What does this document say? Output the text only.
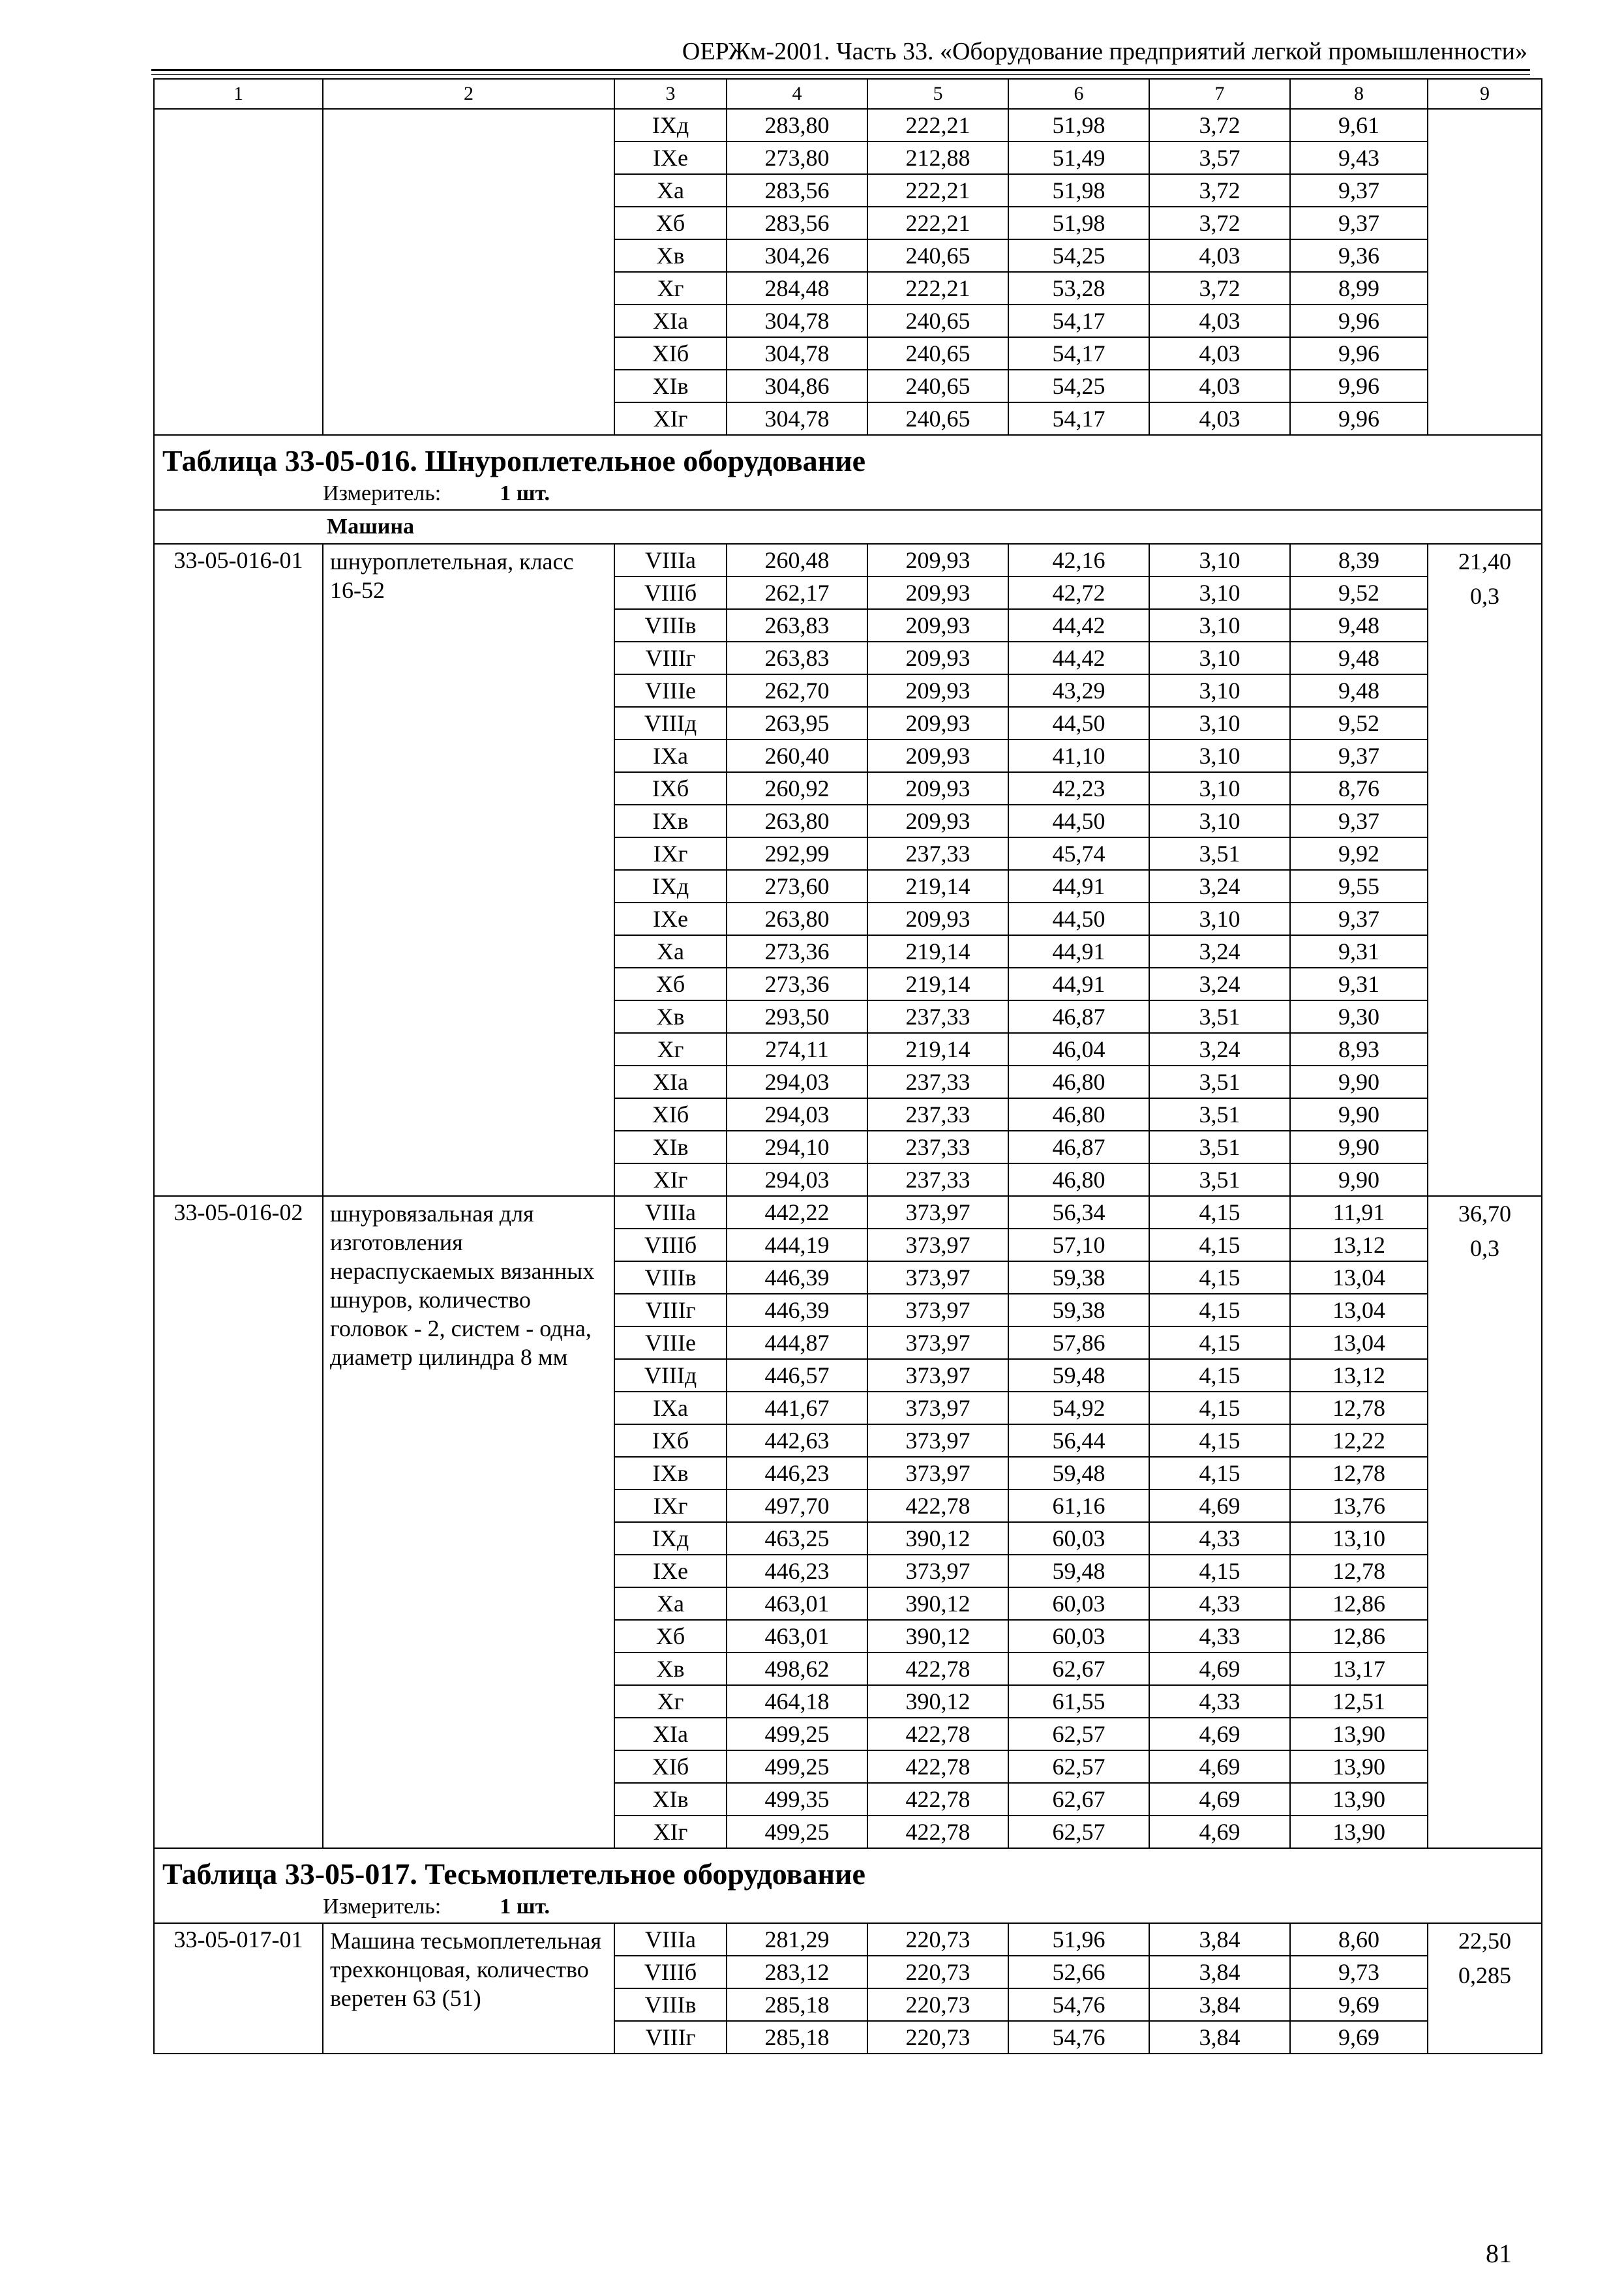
ОЕРЖм-2001. Часть 33. «Оборудование предприятий легкой промышленности»
1	2	3	4	5	6	7	8	9
		IXд	283,80	222,21	51,98	3,72	9,61	
		IXе	273,80	212,88	51,49	3,57	9,43	
		Xа	283,56	222,21	51,98	3,72	9,37	
		Xб	283,56	222,21	51,98	3,72	9,37	
		Xв	304,26	240,65	54,25	4,03	9,36	
		Xг	284,48	222,21	53,28	3,72	8,99	
		XIа	304,78	240,65	54,17	4,03	9,96	
		XIб	304,78	240,65	54,17	4,03	9,96	
		XIв	304,86	240,65	54,25	4,03	9,96	
		XIг	304,78	240,65	54,17	4,03	9,96	
Таблица 33-05-016. Шнуроплетельное оборудование								
Измеритель: 1 шт.								
Машина								
33-05-016-01	шнуроплетельная, класс 16-52	VIIIа	260,48	209,93	42,16	3,10	8,39	21,40
0,3

		VIIIб	262,17	209,93	42,72	3,10	9,52	
		VIIIв	263,83	209,93	44,42	3,10	9,48	
		VIIIг	263,83	209,93	44,42	3,10	9,48	
		VIIIе	262,70	209,93	43,29	3,10	9,48	
		VIIIд	263,95	209,93	44,50	3,10	9,52	
		IXа	260,40	209,93	41,10	3,10	9,37	
		IXб	260,92	209,93	42,23	3,10	8,76	
		IXв	263,80	209,93	44,50	3,10	9,37	
		IXг	292,99	237,33	45,74	3,51	9,92	
		IXд	273,60	219,14	44,91	3,24	9,55	
		IXе	263,80	209,93	44,50	3,10	9,37	
		Xа	273,36	219,14	44,91	3,24	9,31	
		Xб	273,36	219,14	44,91	3,24	9,31	
		Xв	293,50	237,33	46,87	3,51	9,30	
		Xг	274,11	219,14	46,04	3,24	8,93	
		XIа	294,03	237,33	46,80	3,51	9,90	
		XIб	294,03	237,33	46,80	3,51	9,90	
		XIв	294,10	237,33	46,87	3,51	9,90	
		XIг	294,03	237,33	46,80	3,51	9,90	
33-05-016-02	шнуровязальная для изготовления нераспускаемых вязанных шнуров, количество головок - 2, систем - одна, диаметр цилиндра 8 мм	VIIIа	442,22	373,97	56,34	4,15	11,91	36,70
0,3

		VIIIб	444,19	373,97	57,10	4,15	13,12	
		VIIIв	446,39	373,97	59,38	4,15	13,04	
		VIIIг	446,39	373,97	59,38	4,15	13,04	
		VIIIе	444,87	373,97	57,86	4,15	13,04	
		VIIIд	446,57	373,97	59,48	4,15	13,12	
		IXа	441,67	373,97	54,92	4,15	12,78	
		IXб	442,63	373,97	56,44	4,15	12,22	
		IXв	446,23	373,97	59,48	4,15	12,78	
		IXг	497,70	422,78	61,16	4,69	13,76	
		IXд	463,25	390,12	60,03	4,33	13,10	
		IXе	446,23	373,97	59,48	4,15	12,78	
		Xа	463,01	390,12	60,03	4,33	12,86	
		Xб	463,01	390,12	60,03	4,33	12,86	
		Xв	498,62	422,78	62,67	4,69	13,17	
		Xг	464,18	390,12	61,55	4,33	12,51	
		XIа	499,25	422,78	62,57	4,69	13,90	
		XIб	499,25	422,78	62,57	4,69	13,90	
		XIв	499,35	422,78	62,67	4,69	13,90	
		XIг	499,25	422,78	62,57	4,69	13,90	
Таблица 33-05-017. Тесьмоплетельное оборудование								
Измеритель: 1 шт.								
33-05-017-01	Машина тесьмоплетельная трехконцовая, количество веретен 63 (51)	VIIIа	281,29	220,73	51,96	3,84	8,60	22,50
0,285

		VIIIб	283,12	220,73	52,66	3,84	9,73	
		VIIIв	285,18	220,73	54,76	3,84	9,69	
		VIIIг	285,18	220,73	54,76	3,84	9,69	
81
